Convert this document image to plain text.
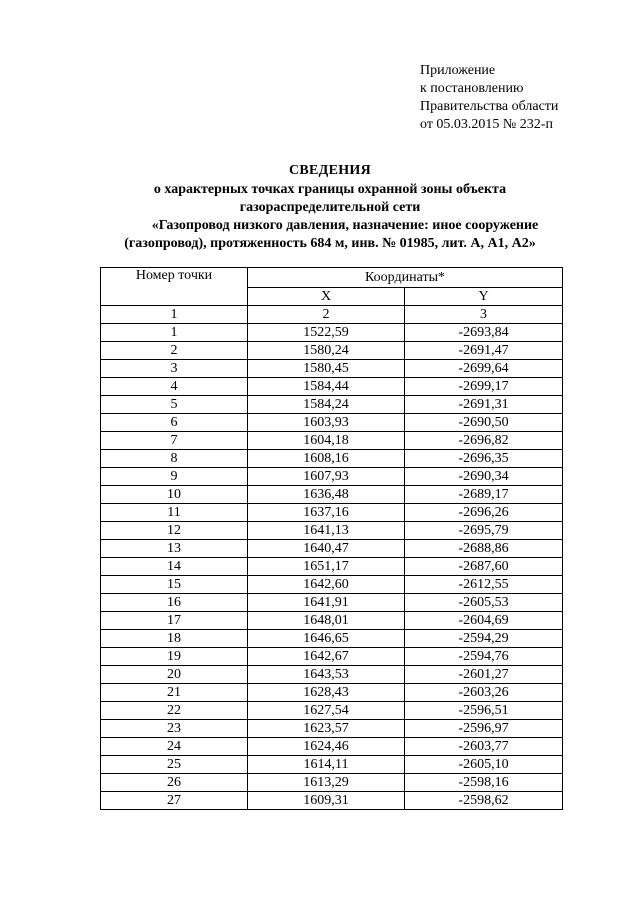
Приложение
к постановлению
Правительства области
от 05.03.2015 № 232-п
СВЕДЕНИЯ
о характерных точках границы охранной зоны объекта
газораспределительной сети
«Газопровод низкого давления, назначение: иное сооружение
(газопровод), протяженность 684 м, инв. № 01985, лит. А, А1, А2»
Номер точки	Координаты*	
	X	Y
1	2	3
1	1522,59	-2693,84
2	1580,24	-2691,47
3	1580,45	-2699,64
4	1584,44	-2699,17
5	1584,24	-2691,31
6	1603,93	-2690,50
7	1604,18	-2696,82
8	1608,16	-2696,35
9	1607,93	-2690,34
10	1636,48	-2689,17
11	1637,16	-2696,26
12	1641,13	-2695,79
13	1640,47	-2688,86
14	1651,17	-2687,60
15	1642,60	-2612,55
16	1641,91	-2605,53
17	1648,01	-2604,69
18	1646,65	-2594,29
19	1642,67	-2594,76
20	1643,53	-2601,27
21	1628,43	-2603,26
22	1627,54	-2596,51
23	1623,57	-2596,97
24	1624,46	-2603,77
25	1614,11	-2605,10
26	1613,29	-2598,16
27	1609,31	-2598,62
